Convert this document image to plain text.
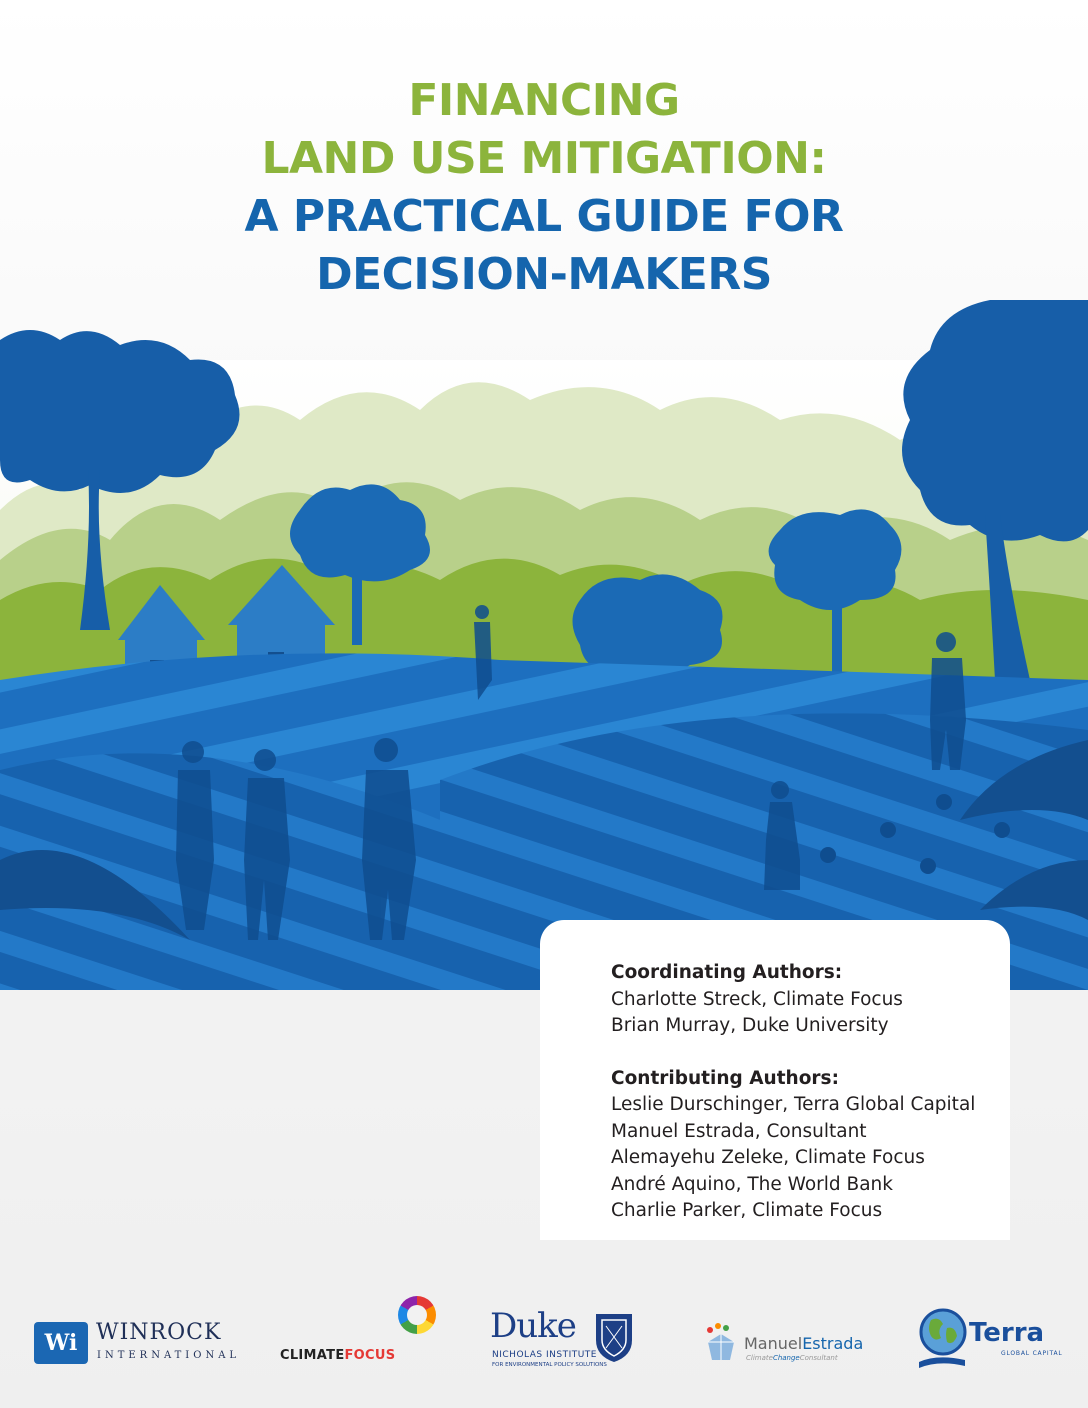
FINANCING
LAND USE MITIGATION:
A PRACTICAL GUIDE FOR
DECISION-MAKERS
Coordinating Authors:
Charlotte Streck, Climate Focus
Brian Murray, Duke University
Contributing Authors:
Leslie Durschinger, Terra Global Capital
Manuel Estrada, Consultant
Alemayehu Zeleke, Climate Focus
André Aquino, The World Bank
Charlie Parker, Climate Focus
Wi WINROCK
INTERNATIONAL	CLIMATEFOCUS
Duke
NICHOLAS INSTITUTE
FOR ENVIRONMENTAL POLICY SOLUTIONS
ManuelEstrada
ClimateChangeConsultant
Terra
GLOBAL CAPITAL
